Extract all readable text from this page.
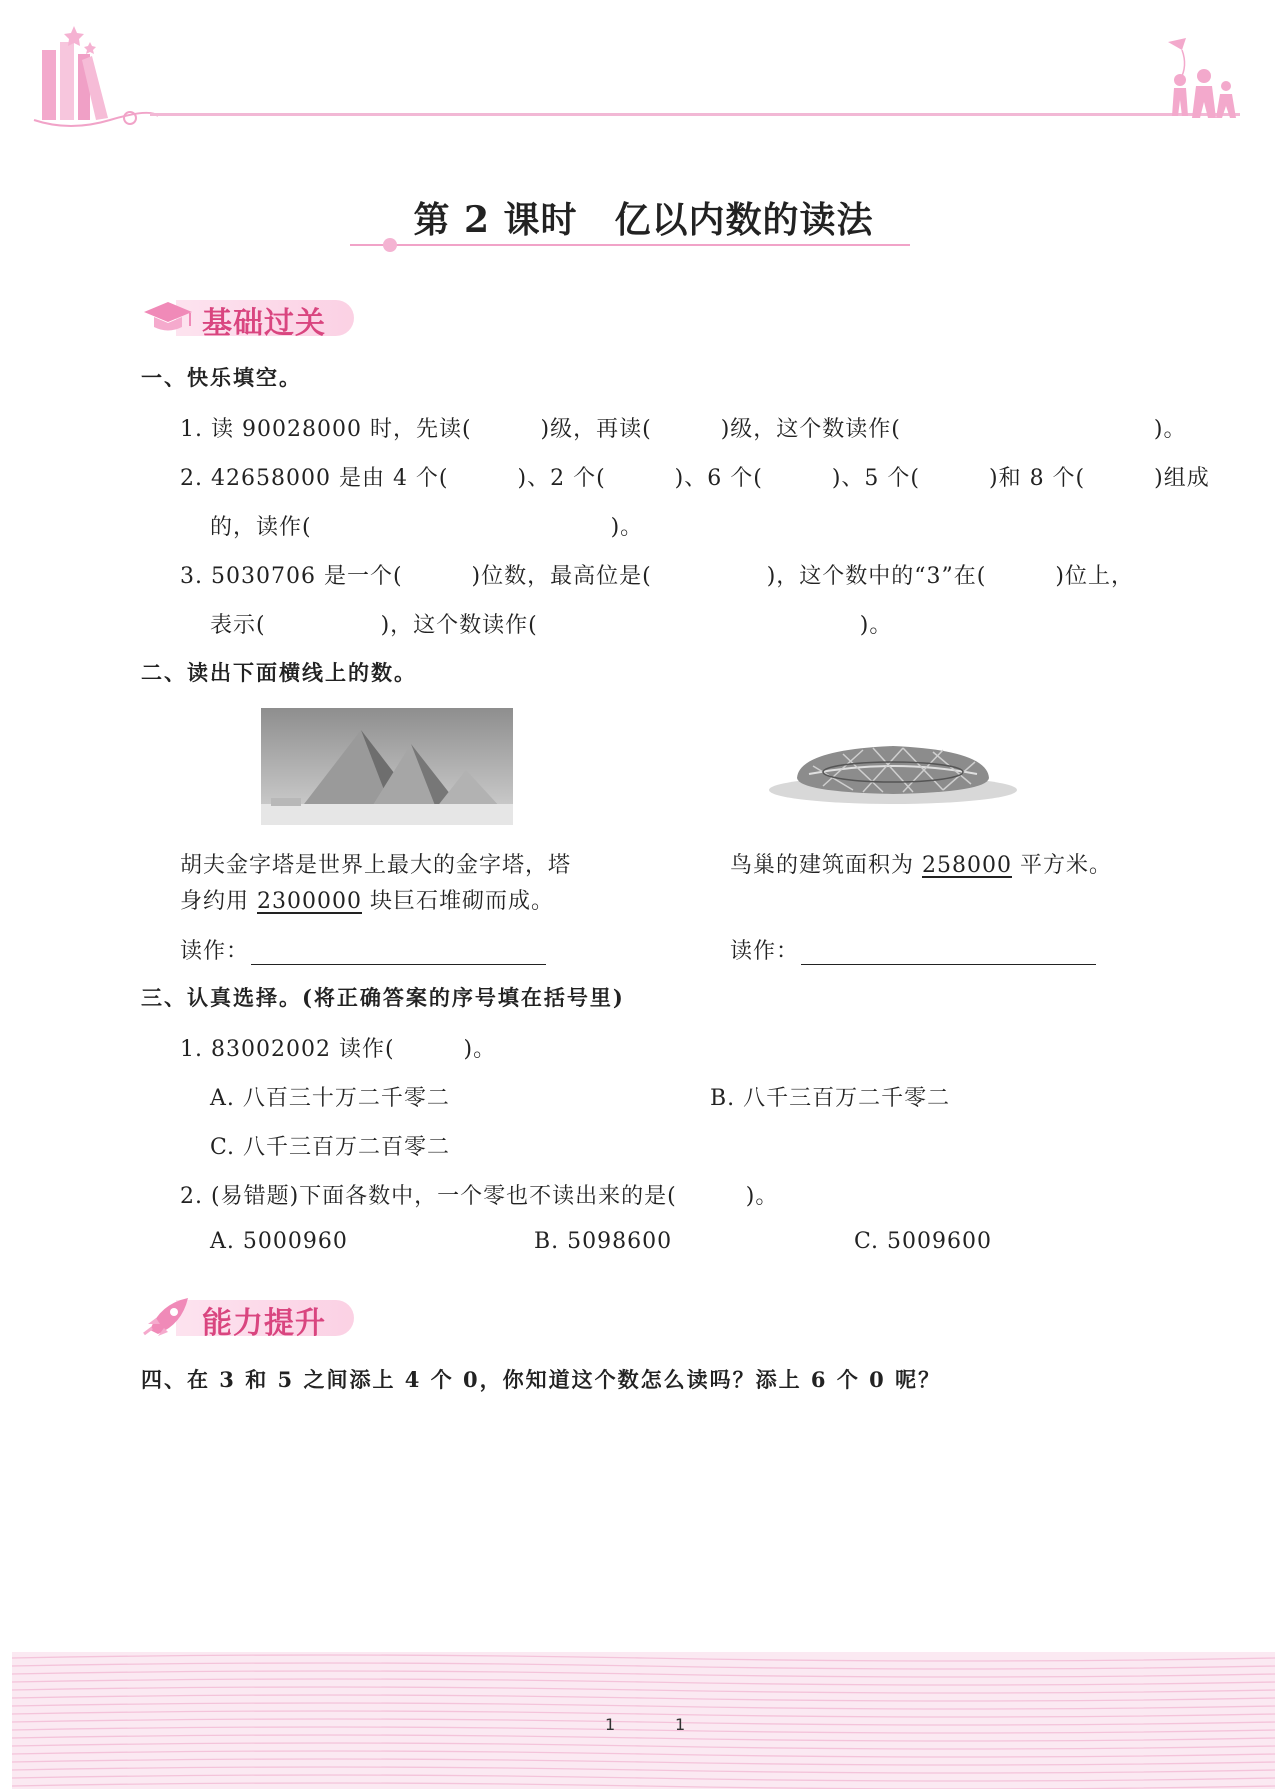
第 2 课时　亿以内数的读法
基础过关
一、快乐填空。
1. 读 90028000 时，先读(　　　)级，再读(　　　)级，这个数读作(　　　　　　　　　　　)。
2. 42658000 是由 4 个(　　　)、2 个(　　　)、6 个(　　　)、5 个(　　　)和 8 个(　　　)组成
的，读作(　　　　　　　　　　　　　)。
3. 5030706 是一个(　　　)位数，最高位是(　　　　　)，这个数中的“3”在(　　　)位上，
表示(　　　　　)，这个数读作(　　　　　　　　　　　　　　)。
二、读出下面横线上的数。
胡夫金字塔是世界上最大的金字塔，塔
身约用 2300000 块巨石堆砌而成。
鸟巢的建筑面积为 258000 平方米。
读作：	读作：
三、认真选择。(将正确答案的序号填在括号里)
1. 83002002 读作(　　　)。
A. 八百三十万二千零二	B. 八千三百万二千零二
C. 八千三百万二百零二
2. (易错题)下面各数中，一个零也不读出来的是(　　　)。
A. 5000960	B. 5098600	C. 5009600
能力提升
四、在 3 和 5 之间添上 4 个 0，你知道这个数怎么读吗？添上 6 个 0 呢？
1	1
